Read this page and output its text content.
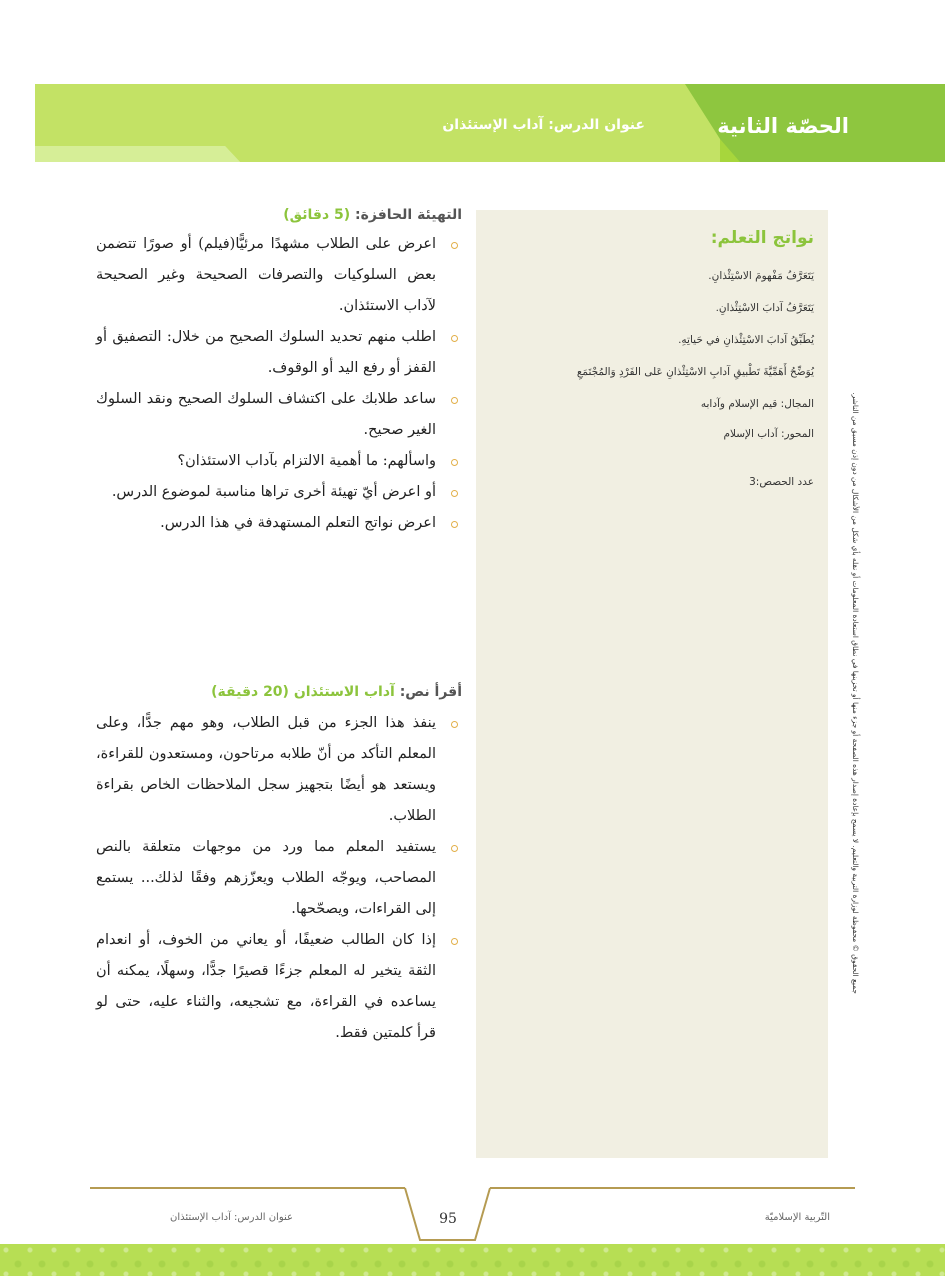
الحصّة الثانية
عنوان الدرس: آداب الإستئذان
نواتج التعلم:
يَتَعَرَّفُ مَفْهومَ الاسْتِئْذانِ.
يَتَعَرَّفُ آدابَ الاسْتِئْذانِ.
يُطَبِّقُ آدابَ الاسْتِئْذانِ في حَياتِهِ.
يُوَضِّحُ أَهَمِّيَّةَ تَطْبيقِ آدابِ الاسْتِئْذانِ عَلى الفَرْدِ وَالمُجْتَمَعِ
المجال: قيم الإسلام وآدابه
المحور: آداب الإسلام
عدد الحصص:3
التهيئة الحافزة: (5 دقائق)
اعرض على الطلاب مشهدًا مرئيًّا(فيلم) أو صورًا تتضمن بعض السلوكيات والتصرفات الصحيحة وغير الصحيحة لآداب الاستئذان.
اطلب منهم تحديد السلوك الصحيح من خلال: التصفيق أو القفز أو رفع اليد أو الوقوف.
ساعد طلابك على اكتشاف السلوك الصحيح ونقد السلوك الغير صحيح.
واسألهم: ما أهمية الالتزام بآداب الاستئذان؟
أو اعرض أيّ تهيئة أخرى تراها مناسبة لموضوع الدرس.
اعرض نواتج التعلم المستهدفة في هذا الدرس.
أقرأ نص: آداب الاستئذان (20 دقيقة)
ينفذ هذا الجزء من قبل الطلاب، وهو مهم جدًّا، وعلى المعلم التأكد من أنّ طلابه مرتاحون، ومستعدون للقراءة، ويستعد هو أيضًا بتجهيز سجل الملاحظات الخاص بقراءة الطلاب.
يستفيد المعلم مما ورد من موجهات متعلقة بالنص المصاحب، ويوجّه الطلاب ويعزّزهم وفقًا لذلك... يستمع إلى القراءات، ويصحّحها.
إذا كان الطالب ضعيفًا، أو يعاني من الخوف، أو انعدام الثقة يتخير له المعلم جزءًا قصيرًا جدًّا، وسهلًا، يمكنه أن يساعده في القراءة، مع تشجيعه، والثناء عليه، حتى لو قرأ كلمتين فقط.
جميع الحقوق © محفوظة لوزارة التربية والتعليم. لا يسمح بإعادة إصدار هذه الصفحة أو جزء منها أو تخزينها في نطاق استعادة المعلومات أو نقله بأي شكل من الأشكال من دون إذن مسبق من الناشر.
95	التّربية الإسلاميّة
عنوان الدرس: آداب الإستئذان
